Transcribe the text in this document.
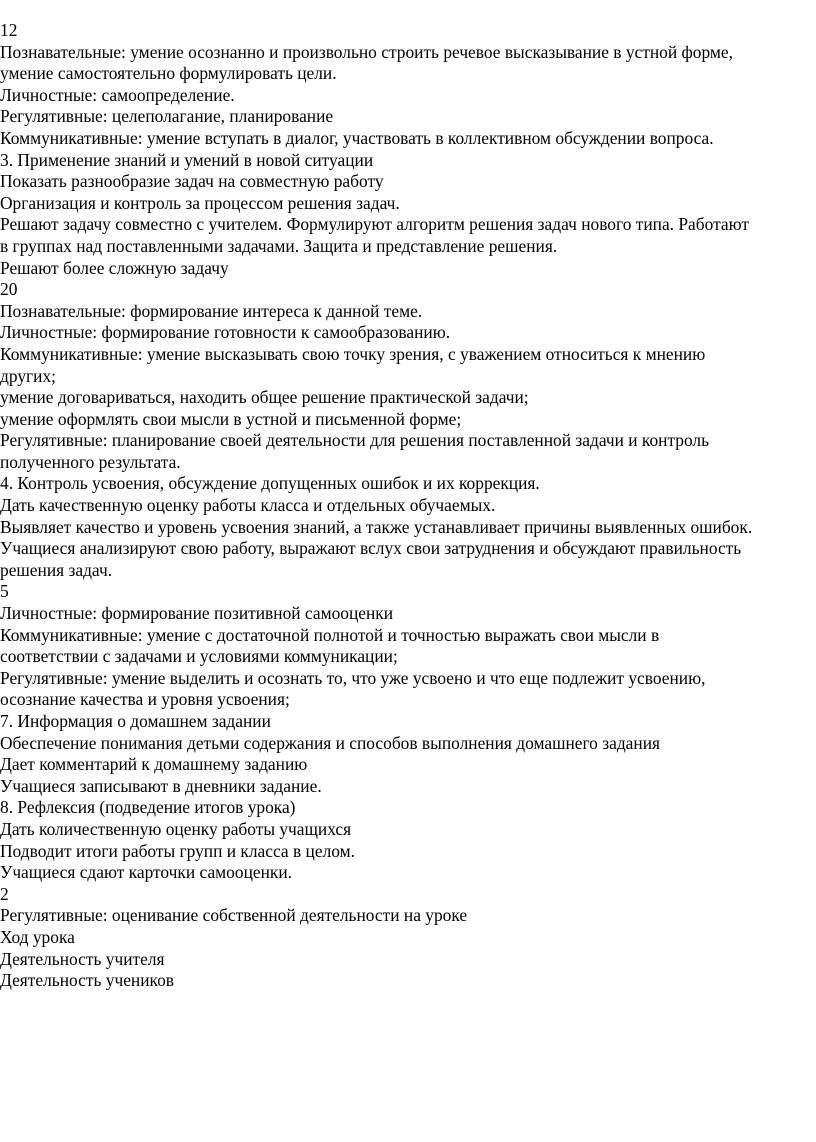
12
Познавательные: умение осознанно и произвольно строить речевое высказывание в устной форме,
умение самостоятельно формулировать цели.
Личностные: самоопределение.
Регулятивные: целеполагание, планирование
Коммуникативные: умение вступать в диалог, участвовать в коллективном обсуждении вопроса.
3. Применение знаний и умений в новой ситуации
Показать разнообразие задач на совместную работу
Организация и контроль за процессом решения задач.
Решают задачу совместно с учителем. Формулируют алгоритм решения задач нового типа. Работают
в группах над поставленными задачами. Защита и представление решения.
Решают более сложную задачу
20
Познавательные: формирование интереса к данной теме.
Личностные: формирование готовности к самообразованию.
Коммуникативные: умение высказывать свою точку зрения, с уважением относиться к мнению
других;
умение договариваться, находить общее решение практической задачи;
умение оформлять свои мысли в устной и письменной форме;
Регулятивные: планирование своей деятельности для решения поставленной задачи и контроль
полученного результата.
4. Контроль усвоения, обсуждение допущенных ошибок и их коррекция.
Дать качественную оценку работы класса и отдельных обучаемых.
Выявляет качество и уровень усвоения знаний, а также устанавливает причины выявленных ошибок.
Учащиеся анализируют свою работу, выражают вслух свои затруднения и обсуждают правильность
решения задач.
5
Личностные: формирование позитивной самооценки
Коммуникативные: умение с достаточной полнотой и точностью выражать свои мысли в
соответствии с задачами и условиями коммуникации;
Регулятивные: умение выделить и осознать то, что уже усвоено и что еще подлежит усвоению,
осознание качества и уровня усвоения;
7. Информация о домашнем задании
Обеспечение понимания детьми содержания и способов выполнения домашнего задания
Дает комментарий к домашнему заданию
Учащиеся записывают в дневники задание.
8. Рефлексия (подведение итогов урока)
Дать количественную оценку работы учащихся
Подводит итоги работы групп и класса в целом.
Учащиеся сдают карточки самооценки.
2
Регулятивные: оценивание собственной деятельности на уроке
Ход урока
Деятельность учителя
Деятельность учеников
